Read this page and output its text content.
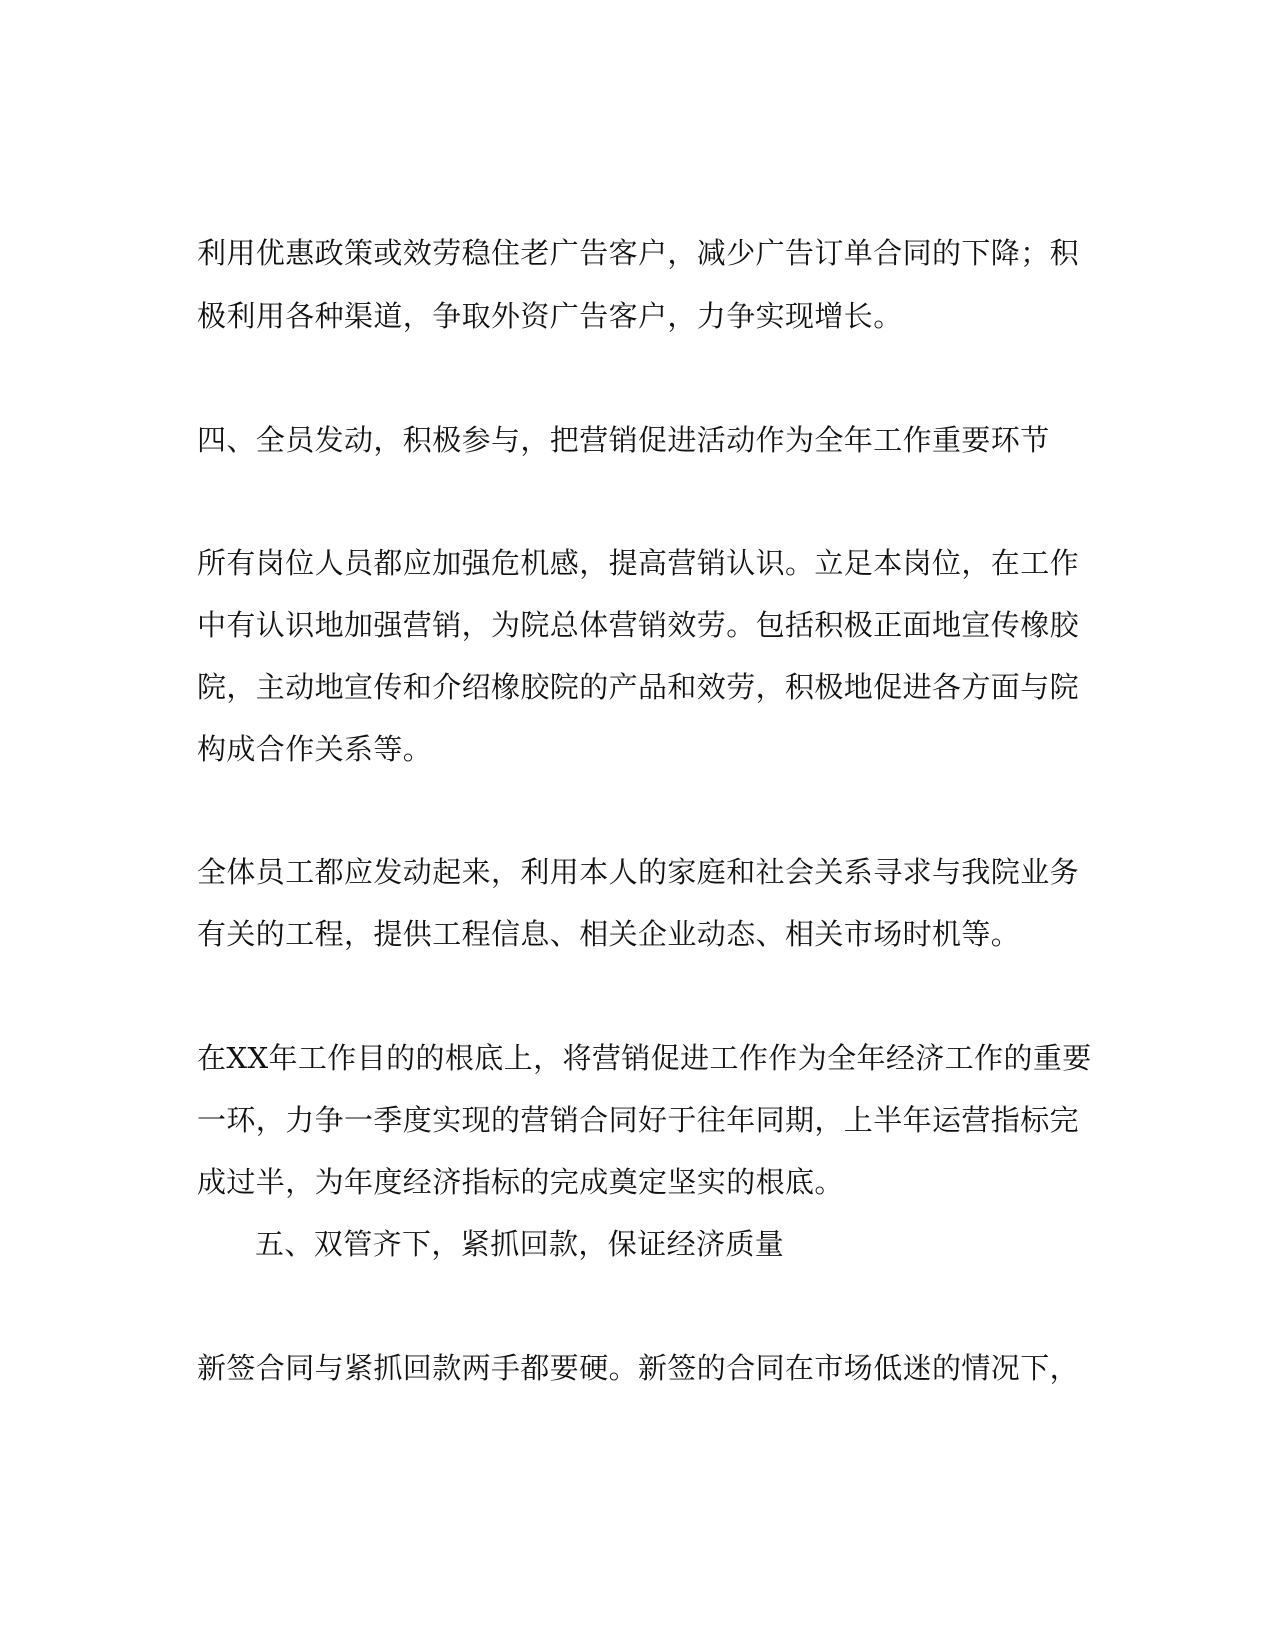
利用优惠政策或效劳稳住老广告客户，减少广告订单合同的下降；积
极利用各种渠道，争取外资广告客户，力争实现增长。
四、全员发动，积极参与，把营销促进活动作为全年工作重要环节
所有岗位人员都应加强危机感，提高营销认识。立足本岗位，在工作
中有认识地加强营销，为院总体营销效劳。包括积极正面地宣传橡胶
院，主动地宣传和介绍橡胶院的产品和效劳，积极地促进各方面与院
构成合作关系等。
全体员工都应发动起来，利用本人的家庭和社会关系寻求与我院业务
有关的工程，提供工程信息、相关企业动态、相关市场时机等。
在XX年工作目的的根底上，将营销促进工作作为全年经济工作的重要
一环，力争一季度实现的营销合同好于往年同期，上半年运营指标完
成过半，为年度经济指标的完成奠定坚实的根底。
五、双管齐下，紧抓回款，保证经济质量
新签合同与紧抓回款两手都要硬。新签的合同在市场低迷的情况下，
